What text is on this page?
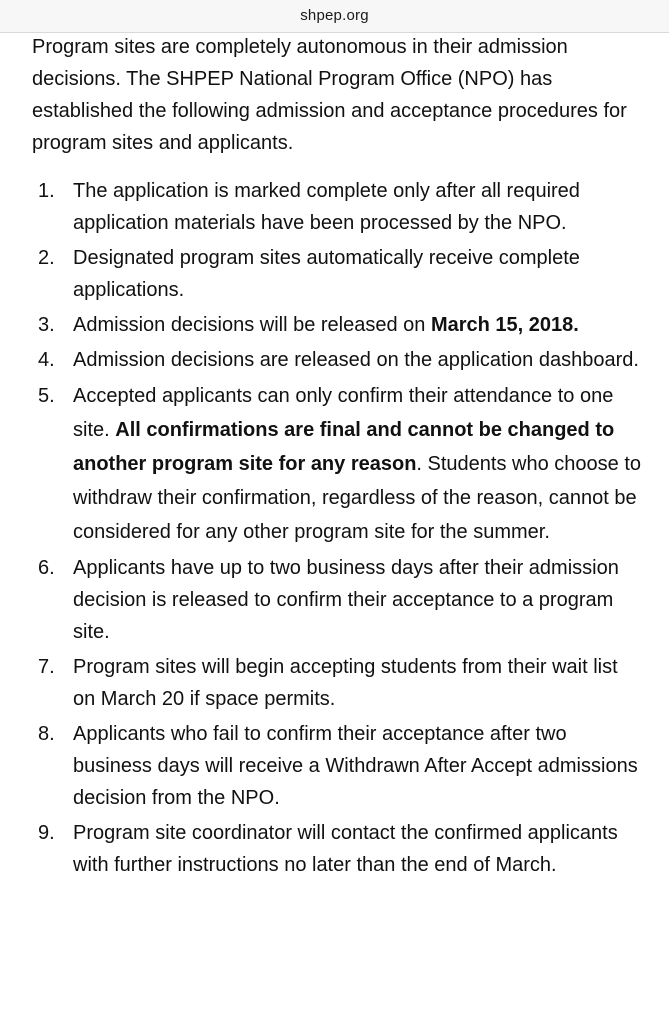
shpep.org

Program sites are completely autonomous in their admission decisions. The SHPEP National Program Office (NPO) has established the following admission and acceptance procedures for program sites and applicants.

1. The application is marked complete only after all required application materials have been processed by the NPO.
2. Designated program sites automatically receive complete applications.
3. Admission decisions will be released on March 15, 2018.
4. Admission decisions are released on the application dashboard.
5. Accepted applicants can only confirm their attendance to one site. All confirmations are final and cannot be changed to another program site for any reason. Students who choose to withdraw their confirmation, regardless of the reason, cannot be considered for any other program site for the summer.
6. Applicants have up to two business days after their admission decision is released to confirm their acceptance to a program site.
7. Program sites will begin accepting students from their wait list on March 20 if space permits.
8. Applicants who fail to confirm their acceptance after two business days will receive a Withdrawn After Accept admissions decision from the NPO.
9. Program site coordinator will contact the confirmed applicants with further instructions no later than the end of March.
